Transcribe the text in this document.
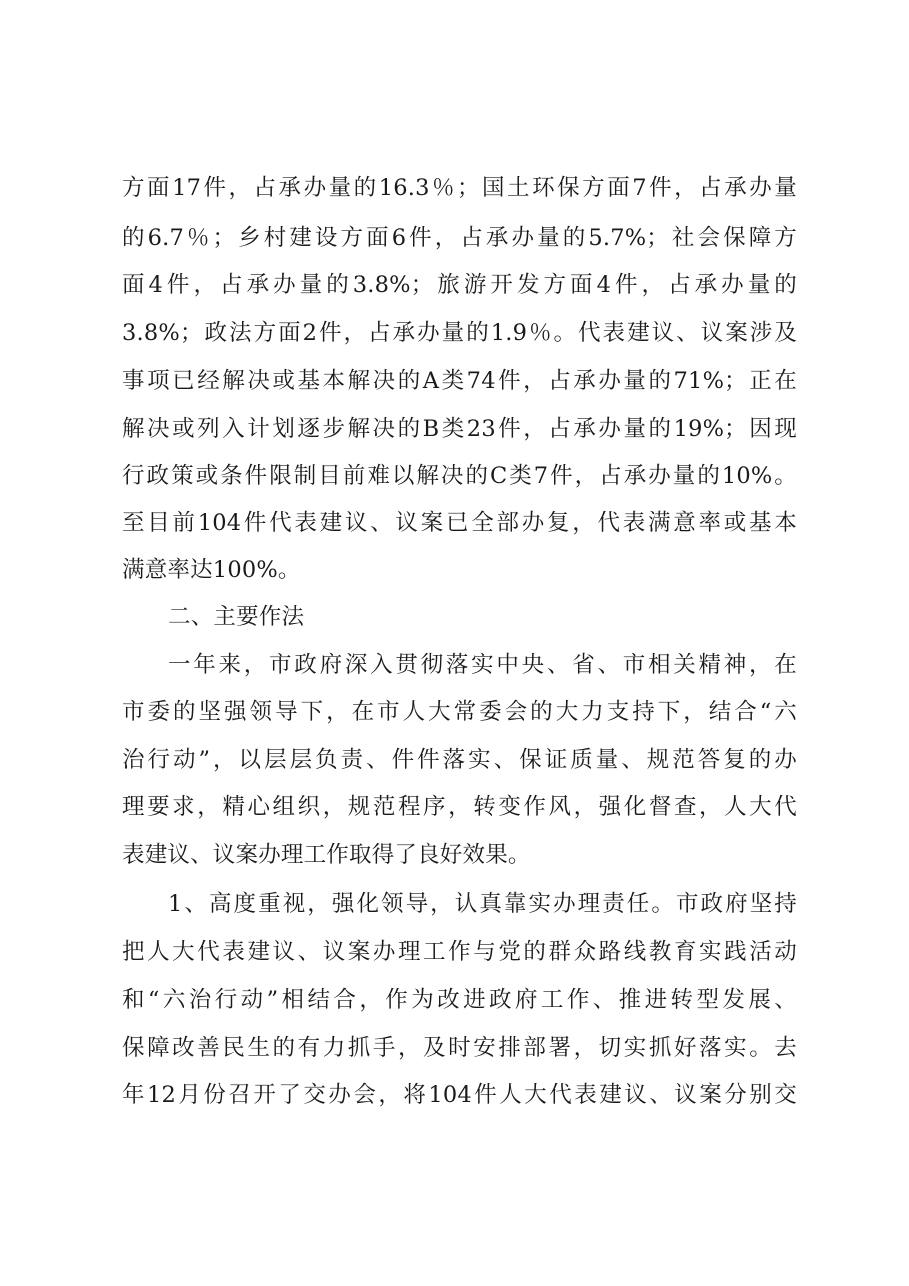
方面17件，占承办量的16.3％；国土环保方面7件，占承办量
的6.7％；乡村建设方面6件，占承办量的5.7%；社会保障方
面4件，占承办量的3.8%；旅游开发方面4件，占承办量的
3.8%；政法方面2件，占承办量的1.9％。代表建议、议案涉及
事项已经解决或基本解决的A类74件，占承办量的71%；正在
解决或列入计划逐步解决的B类23件，占承办量的19%；因现
行政策或条件限制目前难以解决的C类7件，占承办量的10%。
至目前104件代表建议、议案已全部办复，代表满意率或基本
满意率达100%。
二、主要作法
一年来，市政府深入贯彻落实中央、省、市相关精神，在
市委的坚强领导下，在市人大常委会的大力支持下，结合“六
治行动”，以层层负责、件件落实、保证质量、规范答复的办
理要求，精心组织，规范程序，转变作风，强化督查，人大代
表建议、议案办理工作取得了良好效果。
1、高度重视，强化领导，认真靠实办理责任。市政府坚持
把人大代表建议、议案办理工作与党的群众路线教育实践活动
和“六治行动”相结合，作为改进政府工作、推进转型发展、
保障改善民生的有力抓手，及时安排部署，切实抓好落实。去
年12月份召开了交办会，将104件人大代表建议、议案分别交
